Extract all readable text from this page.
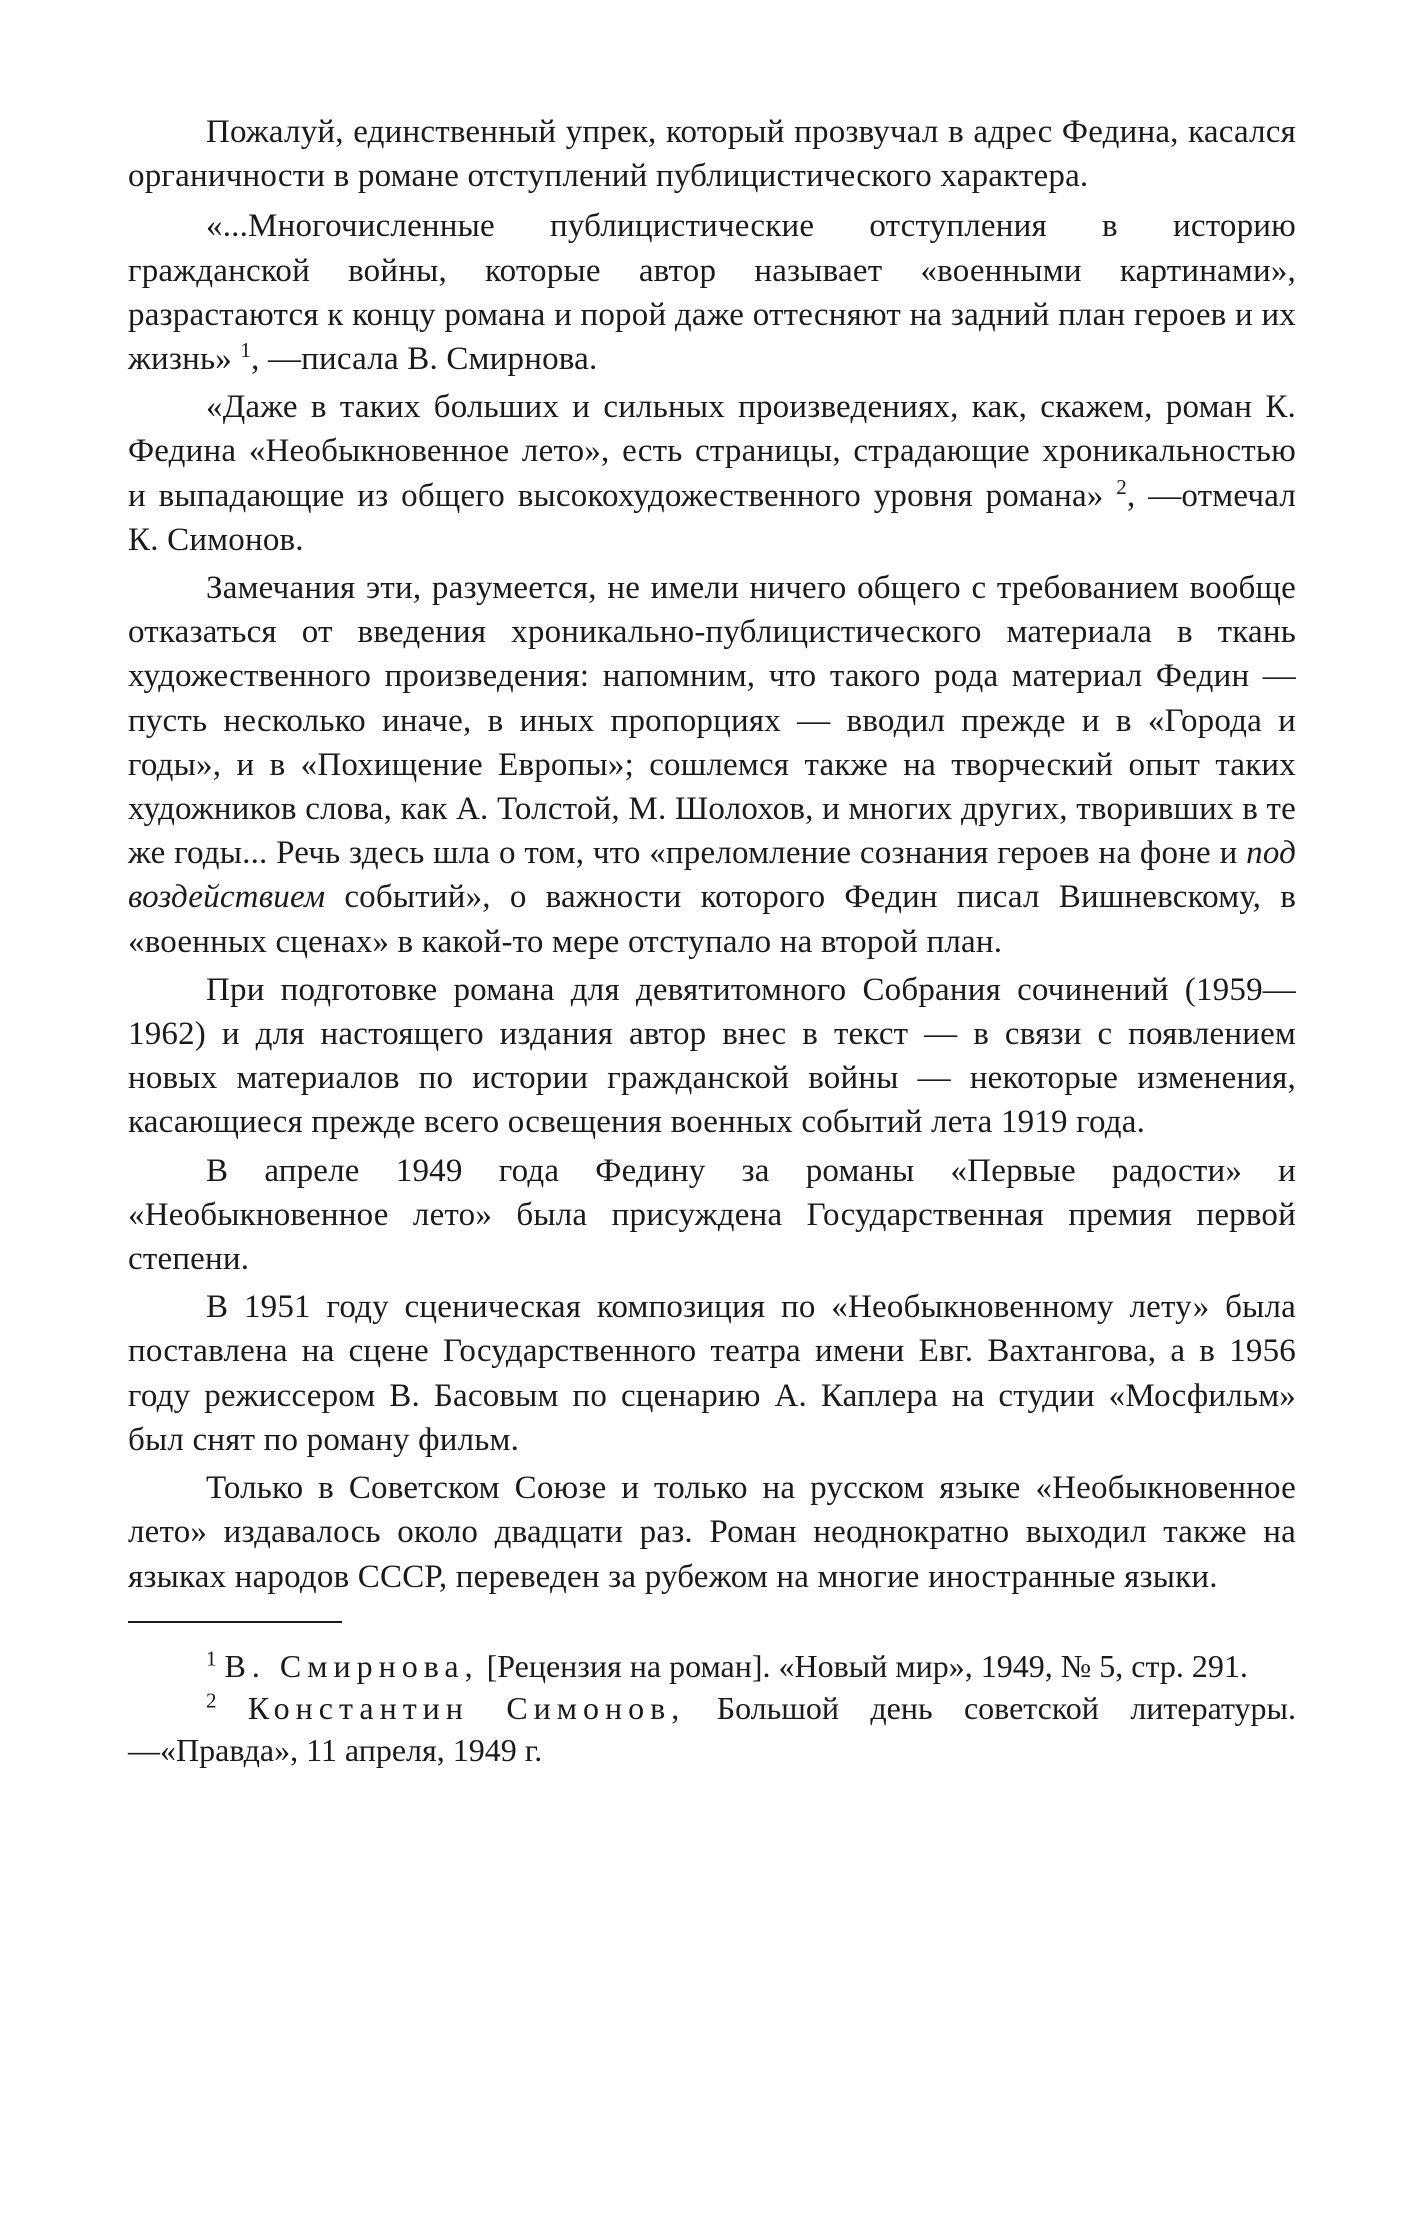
Пожалуй, единственный упрек, который прозвучал в адрес Федина, касался органичности в романе отступлений публицистического характера.

«...Многочисленные публицистические отступления в историю гражданской войны, которые автор называет «военными картинами», разрастаются к концу романа и порой даже оттесняют на задний план героев и их жизнь» $^1$, —писала В. Смирнова.

«Даже в таких больших и сильных произведениях, как, скажем, роман К. Федина «Необыкновенное лето», есть страницы, страдающие хроникальностью и выпадающие из общего высокохудожественного уровня романа» $^2$, —отмечал К. Симонов.

Замечания эти, разумеется, не имели ничего общего с требованием вообще отказаться от введения хроникально-публицистического материала в ткань художественного произведения: напомним, что такого рода материал Федин — пусть несколько иначе, в иных пропорциях — вводил прежде и в «Города и годы», и в «Похищение Европы»; сошлемся также на творческий опыт таких художников слова, как А. Толстой, М. Шолохов, и многих других, творивших в те же годы... Речь здесь шла о том, что «преломление сознания героев на фоне и под воздействием событий», о важности которого Федин писал Вишневскому, в «военных сценах» в какой-то мере отступало на второй план.

При подготовке романа для девятитомного Собрания сочинений (1959—1962) и для настоящего издания автор внес в текст — в связи с появлением новых материалов по истории гражданской войны — некоторые изменения, касающиеся прежде всего освещения военных событий лета 1919 года.

В апреле 1949 года Федину за романы «Первые радости» и «Необыкновенное лето» была присуждена Государственная премия первой степени.

В 1951 году сценическая композиция по «Необыкновенному лету» была поставлена на сцене Государственного театра имени Евг. Вахтангова, а в 1956 году режиссером В. Басовым по сценарию А. Каплера на студии «Мосфильм» был снят по роману фильм.

Только в Советском Союзе и только на русском языке «Необыкновенное лето» издавалось около двадцати раз. Роман неоднократно выходил также на языках народов СССР, переведен за рубежом на многие иностранные языки.

$^1$ В. Смирнова, [Рецензия на роман]. «Новый мир», 1949, № 5, стр. 291.

$^2$ Константин Симонов, Большой день советской литературы. —«Правда», 11 апреля, 1949 г.
